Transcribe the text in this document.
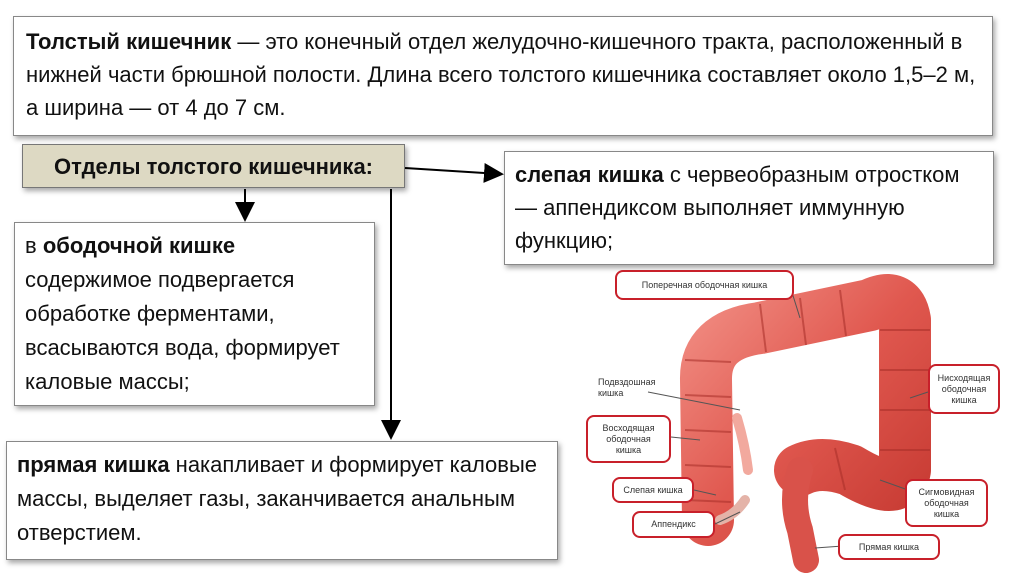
Толстый кишечник — это конечный отдел желудочно-кишечного тракта, расположенный в нижней части брюшной полости. Длина всего толстого кишечника составляет около 1,5–2 м, а ширина — от 4 до 7 см.
Отделы толстого кишечника:	слепая кишка с червеобразным отростком — аппендиксом выполняет иммунную функцию;
в ободочной кишке содержимое подвергается обработке ферментами, всасываются вода, формирует каловые массы;
прямая кишка накапливает и формирует каловые массы, выделяет газы, заканчивается анальным отверстием.
Поперечная ободочная кишка
Подвздошная кишка
Восходящая ободочная кишка
Слепая кишка
Аппендикс
Нисходящая ободочная кишка
Сигмовидная ободочная кишка
Прямая кишка
